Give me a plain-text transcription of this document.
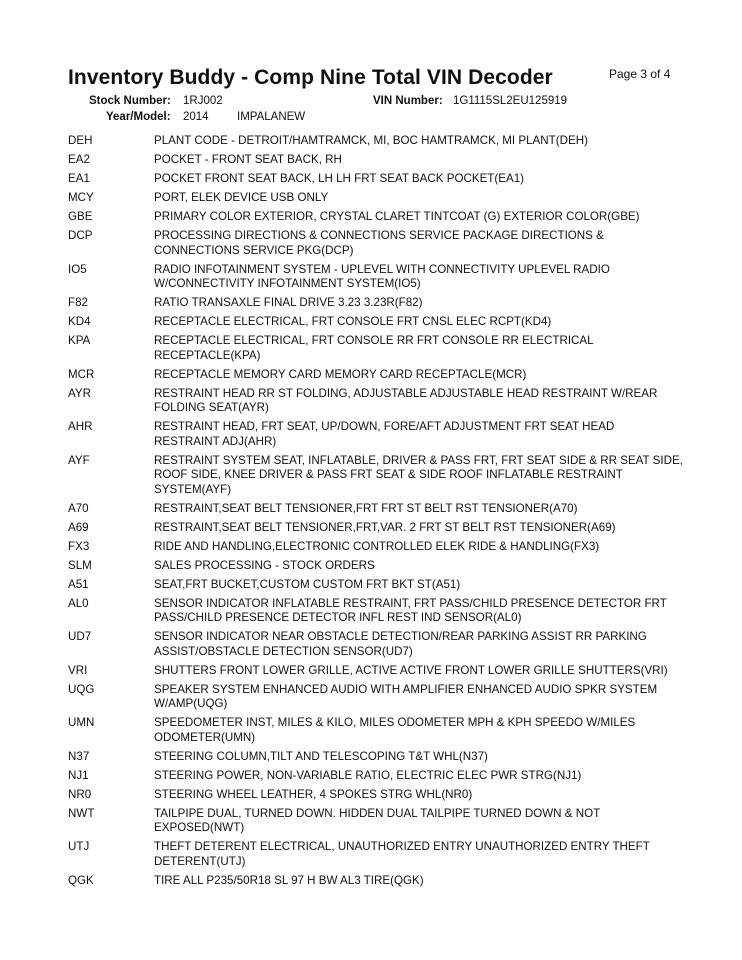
Inventory Buddy - Comp Nine Total VIN Decoder	Page 3 of 4
Stock Number: 1RJ002	VIN Number: 1G1115SL2EU125919
Year/Model: 2014 IMPALANEW
DEH	PLANT CODE - DETROIT/HAMTRAMCK, MI, BOC HAMTRAMCK, MI PLANT(DEH)
EA2	POCKET - FRONT SEAT BACK, RH
EA1	POCKET FRONT SEAT BACK, LH LH FRT SEAT BACK POCKET(EA1)
MCY	PORT, ELEK DEVICE USB ONLY
GBE	PRIMARY COLOR EXTERIOR, CRYSTAL CLARET TINTCOAT (G) EXTERIOR COLOR(GBE)
DCP	PROCESSING DIRECTIONS & CONNECTIONS SERVICE PACKAGE DIRECTIONS & CONNECTIONS SERVICE PKG(DCP)
IO5	RADIO INFOTAINMENT SYSTEM - UPLEVEL WITH CONNECTIVITY UPLEVEL RADIO W/CONNECTIVITY INFOTAINMENT SYSTEM(IO5)
F82	RATIO TRANSAXLE FINAL DRIVE 3.23 3.23R(F82)
KD4	RECEPTACLE ELECTRICAL, FRT CONSOLE FRT CNSL ELEC RCPT(KD4)
KPA	RECEPTACLE ELECTRICAL, FRT CONSOLE RR FRT CONSOLE RR ELECTRICAL RECEPTACLE(KPA)
MCR	RECEPTACLE MEMORY CARD MEMORY CARD RECEPTACLE(MCR)
AYR	RESTRAINT HEAD RR ST FOLDING, ADJUSTABLE ADJUSTABLE HEAD RESTRAINT W/REAR FOLDING SEAT(AYR)
AHR	RESTRAINT HEAD, FRT SEAT, UP/DOWN, FORE/AFT ADJUSTMENT FRT SEAT HEAD RESTRAINT ADJ(AHR)
AYF	RESTRAINT SYSTEM SEAT, INFLATABLE, DRIVER & PASS FRT, FRT SEAT SIDE & RR SEAT SIDE, ROOF SIDE, KNEE DRIVER & PASS FRT SEAT & SIDE ROOF INFLATABLE RESTRAINT SYSTEM(AYF)
A70	RESTRAINT,SEAT BELT TENSIONER,FRT FRT ST BELT RST TENSIONER(A70)
A69	RESTRAINT,SEAT BELT TENSIONER,FRT,VAR. 2 FRT ST BELT RST TENSIONER(A69)
FX3	RIDE AND HANDLING,ELECTRONIC CONTROLLED ELEK RIDE & HANDLING(FX3)
SLM	SALES PROCESSING - STOCK ORDERS
A51	SEAT,FRT BUCKET,CUSTOM CUSTOM FRT BKT ST(A51)
AL0	SENSOR INDICATOR INFLATABLE RESTRAINT, FRT PASS/CHILD PRESENCE DETECTOR FRT PASS/CHILD PRESENCE DETECTOR INFL REST IND SENSOR(AL0)
UD7	SENSOR INDICATOR NEAR OBSTACLE DETECTION/REAR PARKING ASSIST RR PARKING ASSIST/OBSTACLE DETECTION SENSOR(UD7)
VRI	SHUTTERS FRONT LOWER GRILLE, ACTIVE ACTIVE FRONT LOWER GRILLE SHUTTERS(VRI)
UQG	SPEAKER SYSTEM ENHANCED AUDIO WITH AMPLIFIER ENHANCED AUDIO SPKR SYSTEM W/AMP(UQG)
UMN	SPEEDOMETER INST, MILES & KILO, MILES ODOMETER MPH & KPH SPEEDO W/MILES ODOMETER(UMN)
N37	STEERING COLUMN,TILT AND TELESCOPING T&T WHL(N37)
NJ1	STEERING POWER, NON-VARIABLE RATIO, ELECTRIC ELEC PWR STRG(NJ1)
NR0	STEERING WHEEL LEATHER, 4 SPOKES STRG WHL(NR0)
NWT	TAILPIPE DUAL, TURNED DOWN. HIDDEN DUAL TAILPIPE TURNED DOWN & NOT EXPOSED(NWT)
UTJ	THEFT DETERENT ELECTRICAL, UNAUTHORIZED ENTRY UNAUTHORIZED ENTRY THEFT DETERENT(UTJ)
QGK	TIRE ALL P235/50R18 SL 97 H BW AL3 TIRE(QGK)
